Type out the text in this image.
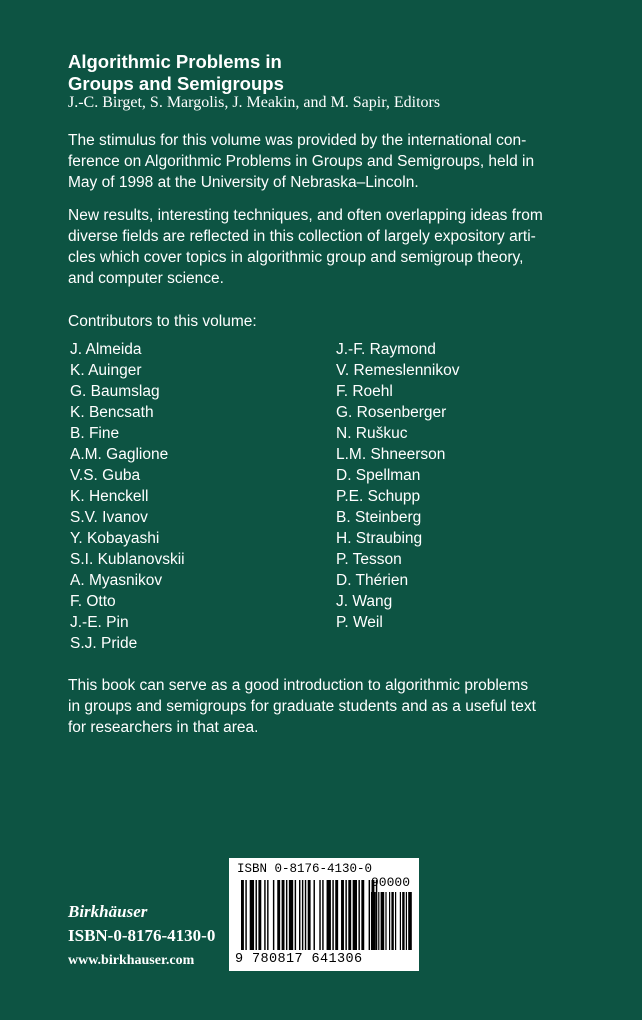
Algorithmic Problems in
Groups and Semigroups
J.-C. Birget, S. Margolis, J. Meakin, and M. Sapir, Editors

The stimulus for this volume was provided by the international con-
ference on Algorithmic Problems in Groups and Semigroups, held in
May of 1998 at the University of Nebraska–Lincoln.

New results, interesting techniques, and often overlapping ideas from
diverse fields are reflected in this collection of largely expository arti-
cles which cover topics in algorithmic group and semigroup theory,
and computer science.

Contributors to this volume:
J. Almeida
K. Auinger
G. Baumslag
K. Bencsath
B. Fine
A.M. Gaglione
V.S. Guba
K. Henckell
S.V. Ivanov
Y. Kobayashi
S.I. Kublanovskii
A. Myasnikov
F. Otto
J.-E. Pin
S.J. Pride
J.-F. Raymond
V. Remeslennikov
F. Roehl
G. Rosenberger
N. Ruškuc
L.M. Shneerson
D. Spellman
P.E. Schupp
B. Steinberg
H. Straubing
P. Tesson
D. Thérien
J. Wang
P. Weil

This book can serve as a good introduction to algorithmic problems
in groups and semigroups for graduate students and as a useful text
for researchers in that area.

Birkhäuser
ISBN-0-8176-4130-0
www.birkhauser.com
ISBN 0-8176-4130-0
90000
9 780817 641306
